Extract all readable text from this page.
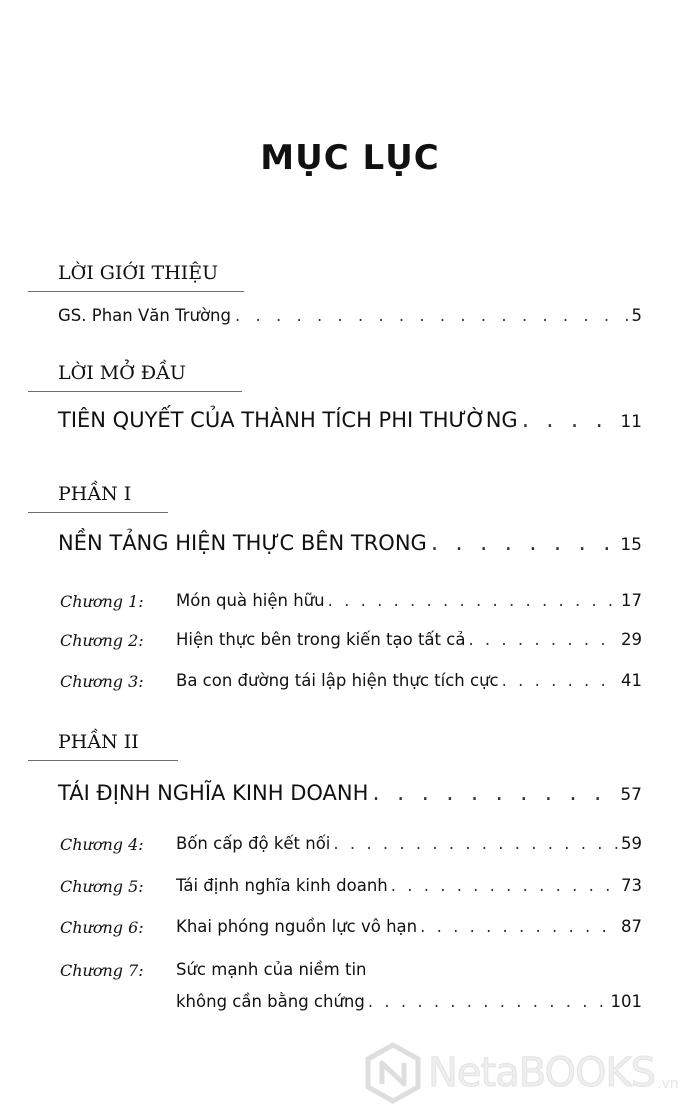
MỤC LỤC
LỜI GIỚI THIỆU
GS. Phan Văn Trường . . .	5
LỜI MỞ ĐẦU
TIÊN QUYẾT CỦA THÀNH TÍCH PHI THƯỜNG . . .	11
PHẦN I
NỀN TẢNG HIỆN THỰC BÊN TRONG . . .	15
Chương 1:	Món quà hiện hữu . . .	17
Chương 2:	Hiện thực bên trong kiến tạo tất cả . . .	29
Chương 3:	Ba con đường tái lập hiện thực tích cực . . .	41
PHẦN II
TÁI ĐỊNH NGHĨA KINH DOANH . . .	57
Chương 4:	Bốn cấp độ kết nối . . .	59
Chương 5:	Tái định nghĩa kinh doanh . . .	73
Chương 6:	Khai phóng nguồn lực vô hạn . . .	87
Chương 7:	Sức mạnh của niềm tin
không cần bằng chứng . . .	101
NetaBOOKS .vn
